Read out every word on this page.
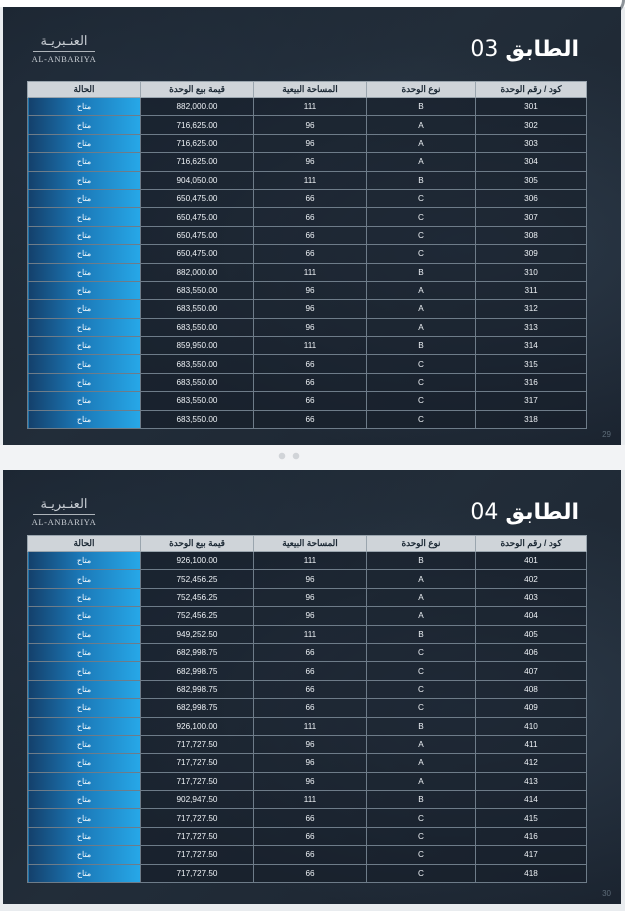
العنـبريـة
AL-ANBARIYA	الطابق 03
كود / رقم الوحدة	نوع الوحدة	المساحة البيعية	قيمة بيع الوحدة	الحالة
301	B	111	882,000.00	متاح
302	A	96	716,625.00	متاح
303	A	96	716,625.00	متاح
304	A	96	716,625.00	متاح
305	B	111	904,050.00	متاح
306	C	66	650,475.00	متاح
307	C	66	650,475.00	متاح
308	C	66	650,475.00	متاح
309	C	66	650,475.00	متاح
310	B	111	882,000.00	متاح
311	A	96	683,550.00	متاح
312	A	96	683,550.00	متاح
313	A	96	683,550.00	متاح
314	B	111	859,950.00	متاح
315	C	66	683,550.00	متاح
316	C	66	683,550.00	متاح
317	C	66	683,550.00	متاح
318	C	66	683,550.00	متاح
29
العنـبريـة
AL-ANBARIYA	الطابق 04
كود / رقم الوحدة	نوع الوحدة	المساحة البيعية	قيمة بيع الوحدة	الحالة
401	B	111	926,100.00	متاح
402	A	96	752,456.25	متاح
403	A	96	752,456.25	متاح
404	A	96	752,456.25	متاح
405	B	111	949,252.50	متاح
406	C	66	682,998.75	متاح
407	C	66	682,998.75	متاح
408	C	66	682,998.75	متاح
409	C	66	682,998.75	متاح
410	B	111	926,100.00	متاح
411	A	96	717,727.50	متاح
412	A	96	717,727.50	متاح
413	A	96	717,727.50	متاح
414	B	111	902,947.50	متاح
415	C	66	717,727.50	متاح
416	C	66	717,727.50	متاح
417	C	66	717,727.50	متاح
418	C	66	717,727.50	متاح
30
